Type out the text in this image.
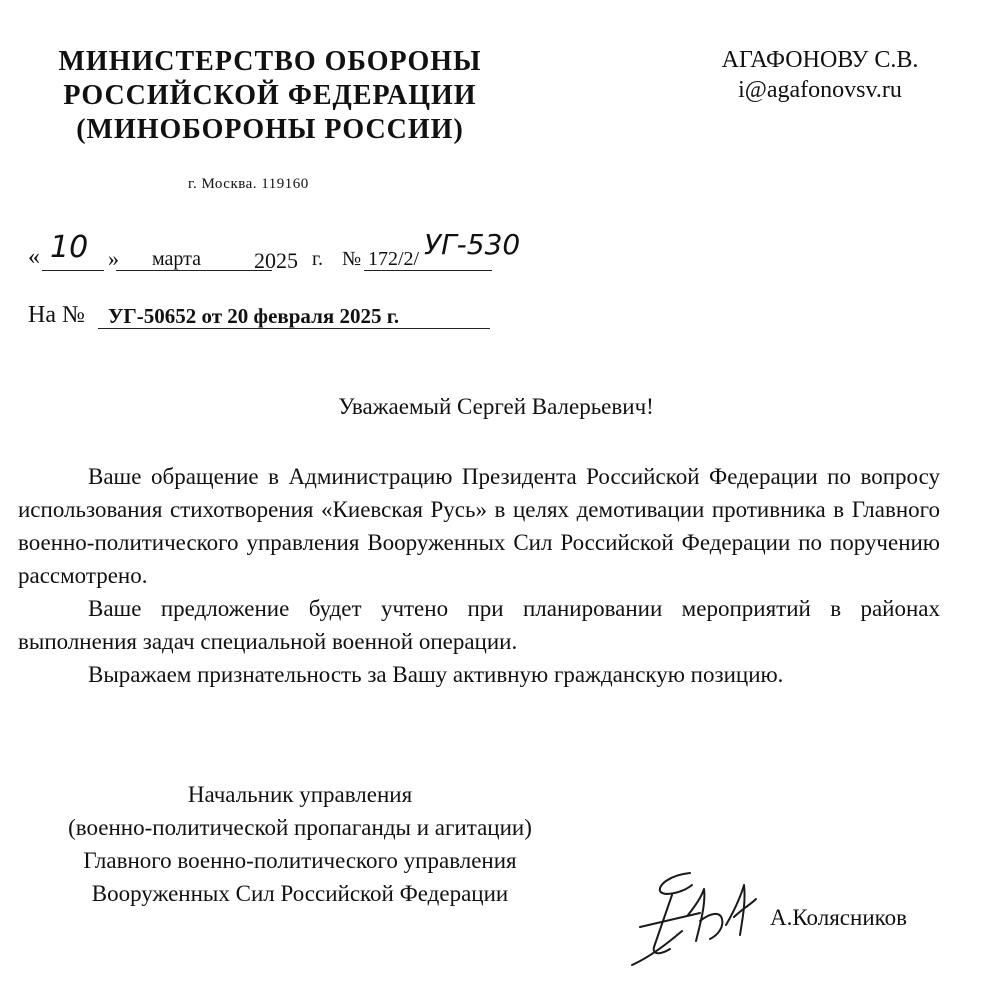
МИНИСТЕРСТВО ОБОРОНЫ
РОССИЙСКОЙ ФЕДЕРАЦИИ
(МИНОБОРОНЫ РОССИИ)
г. Москва. 119160
АГАФОНОВУ С.В.
i@agafonovsv.ru
« 10 » марта 2025 г. № 172/2/ УГ-530
На № УГ-50652 от 20 февраля 2025 г.
Уважаемый Сергей Валерьевич!

Ваше обращение в Администрацию Президента Российской Федерации по вопросу использования стихотворения «Киевская Русь» в целях демотивации противника в Главного военно-политического управления Вооруженных Сил Российской Федерации по поручению рассмотрено.

Ваше предложение будет учтено при планировании мероприятий в районах выполнения задач специальной военной операции.

Выражаем признательность за Вашу активную гражданскую позицию.

Начальник управления
(военно-политической пропаганды и агитации)
Главного военно-политического управления
Вооруженных Сил Российской Федерации
А.Колясников
